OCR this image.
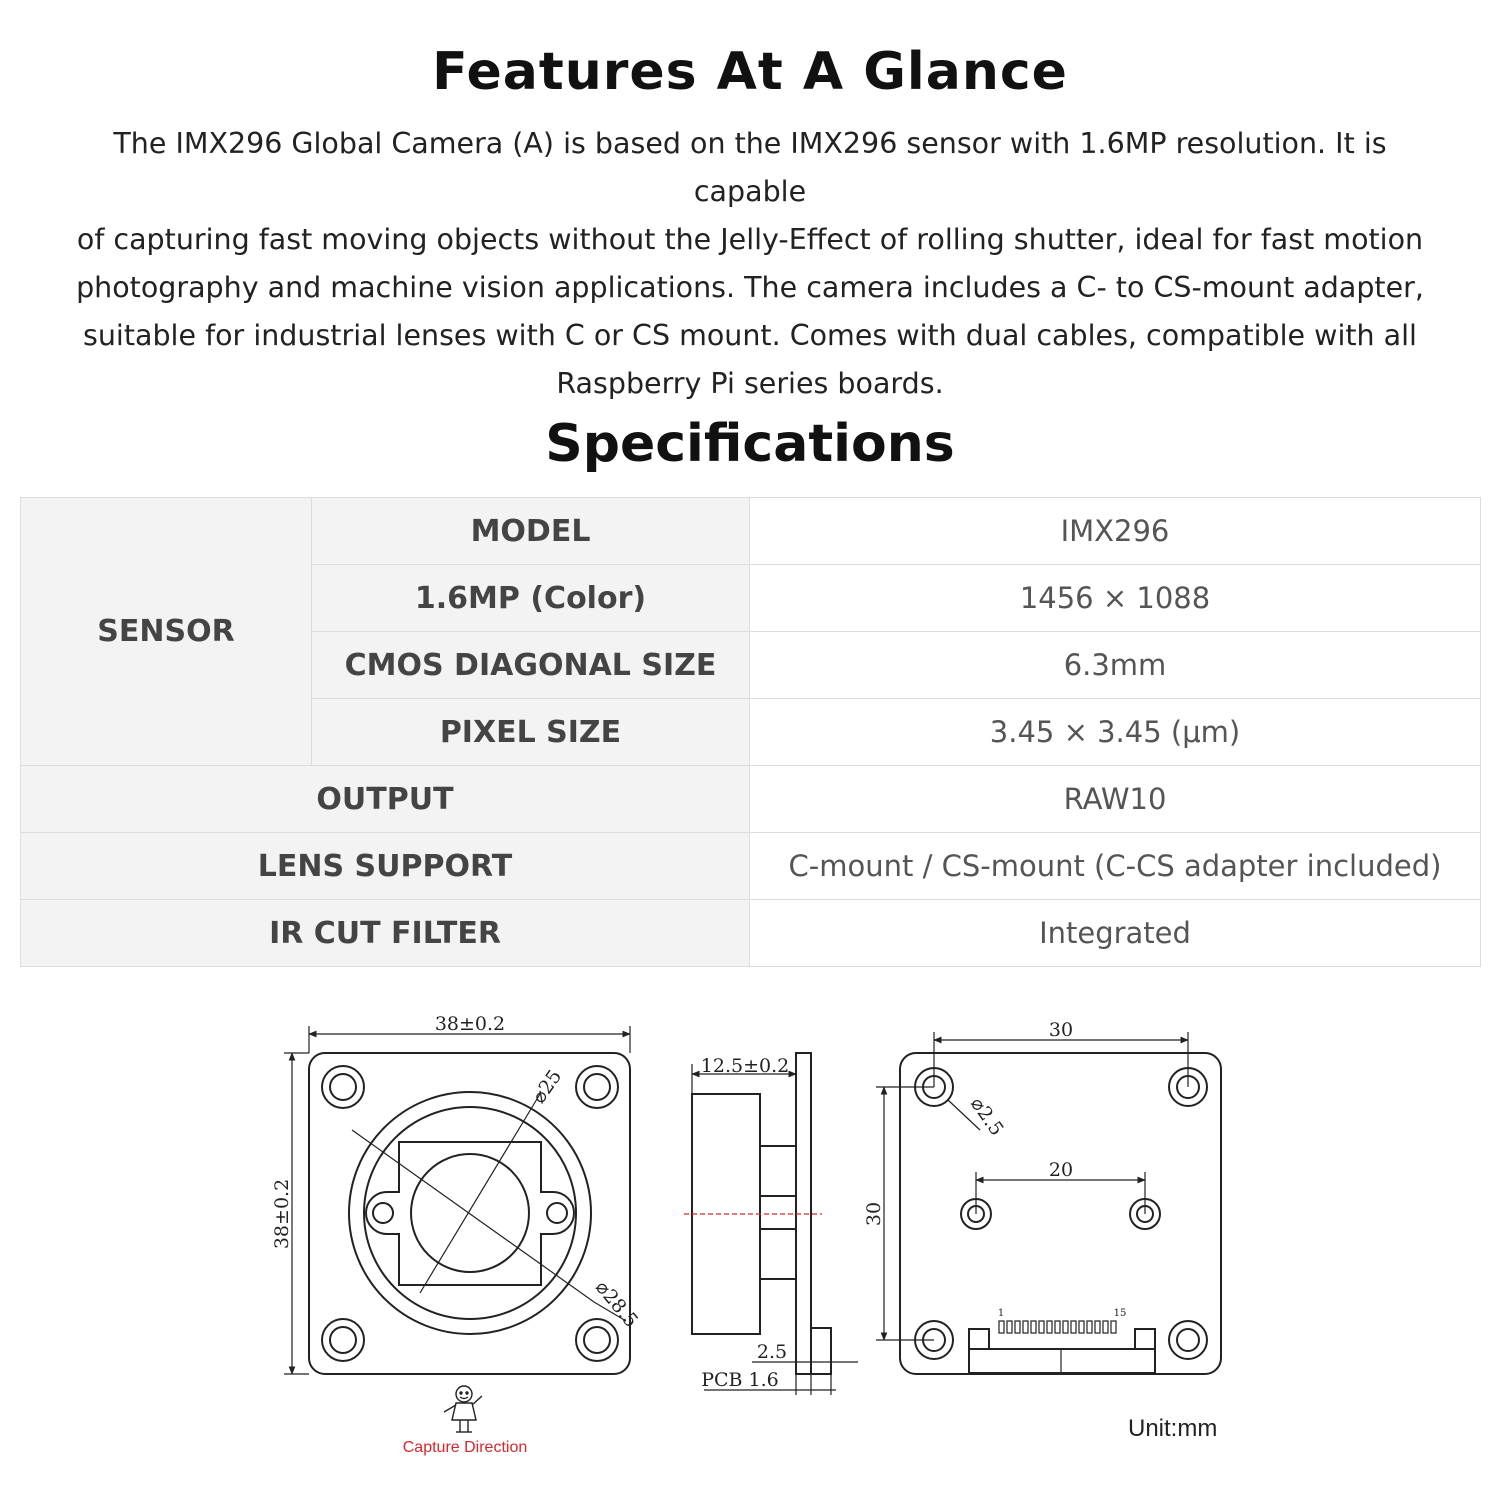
Features At A Glance
The IMX296 Global Camera (A) is based on the IMX296 sensor with 1.6MP resolution. It is capable
of capturing fast moving objects without the Jelly-Effect of rolling shutter, ideal for fast motion
photography and machine vision applications. The camera includes a C- to CS-mount adapter,
suitable for industrial lenses with C or CS mount. Comes with dual cables, compatible with all
Raspberry Pi series boards.
Specifications
SENSOR	MODEL	IMX296
	1.6MP (Color)	1456 × 1088
	CMOS DIAGONAL SIZE	6.3mm
	PIXEL SIZE	3.45 × 3.45 (μm)
OUTPUT		RAW10
LENS SUPPORT		C-mount / CS-mount (C-CS adapter included)
IR CUT FILTER		Integrated
38±0.2
38±0.2
⌀25
⌀28.5
Capture Direction
12.5±0.2
2.5
PCB 1.6
30
30
⌀2.5
20
1	15
Unit:mm
